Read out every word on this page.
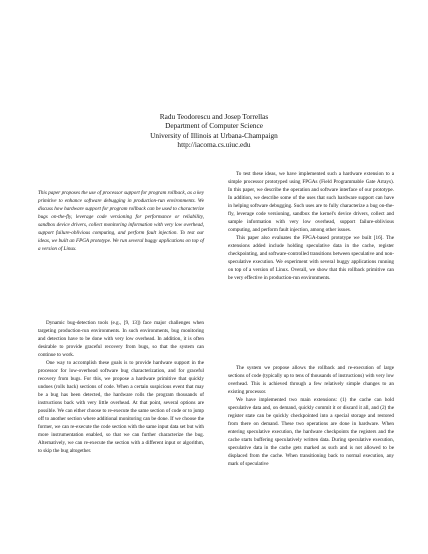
Radu Teodorescu and Josep Torrellas
Department of Computer Science
University of Illinois at Urbana-Champaign
http://iacoma.cs.uiuc.edu

This paper proposes the use of processor support for program rollback, as a key primitive to enhance software debugging in production-run environments. We discuss how hardware support for program rollback can be used to characterize bugs on-the-fly, leverage code versioning for performance or reliability, sandbox device drivers, collect monitoring information with very low overhead, support failure-oblivious computing, and perform fault injection. To test our ideas, we built an FPGA prototype. We run several buggy applications on top of a version of Linux.

Dynamic bug-detection tools (e.g., [9, 13]) face major challenges when targeting production-run environments. In such environments, bug monitoring and detection have to be done with very low overhead. In addition, it is often desirable to provide graceful recovery from bugs, so that the system can continue to work.

One way to accomplish these goals is to provide hardware support in the processor for low-overhead software bug characterization, and for graceful recovery from bugs. For this, we propose a hardware primitive that quickly undoes (rolls back) sections of code. When a certain suspicious event that may be a bug has been detected, the hardware rolls the program thousands of instructions back with very little overhead. At that point, several options are possible. We can either choose to re-execute the same section of code or to jump off to another section where additional monitoring can be done. If we choose the former, we can re-execute the code section with the same input data set but with more instrumentation enabled, so that we can further characterize the bug. Alternatively, we can re-execute the section with a different input or algorithm, to skip the bug altogether.

To test these ideas, we have implemented such a hardware extension to a simple processor prototyped using FPGAs (Field Programmable Gate Arrays). In this paper, we describe the operation and software interface of our prototype. In addition, we describe some of the uses that such hardware support can have in helping software debugging. Such uses are to fully characterize a bug on-the-fly, leverage code versioning, sandbox the kernel's device drivers, collect and sample information with very low overhead, support failure-oblivious computing, and perform fault injection, among other issues.

This paper also evaluates the FPGA-based prototype we built [16]. The extensions added include holding speculative data in the cache, register checkpointing, and software-controlled transitions between speculative and non-speculative execution. We experiment with several buggy applications running on top of a version of Linux. Overall, we show that this rollback primitive can be very effective in production-run environments.

The system we propose allows the rollback and re-execution of large sections of code (typically up to tens of thousands of instructions) with very low overhead. This is achieved through a few relatively simple changes to an existing processor.

We have implemented two main extensions: (1) the cache can hold speculative data and, on demand, quickly commit it or discard it all, and (2) the register state can be quickly checkpointed into a special storage and restored from there on demand. These two operations are done in hardware. When entering speculative execution, the hardware checkpoints the registers and the cache starts buffering speculatively written data. During speculative execution, speculative data in the cache gets marked as such and is not allowed to be displaced from the cache. When transitioning back to normal execution, any mark of speculative
